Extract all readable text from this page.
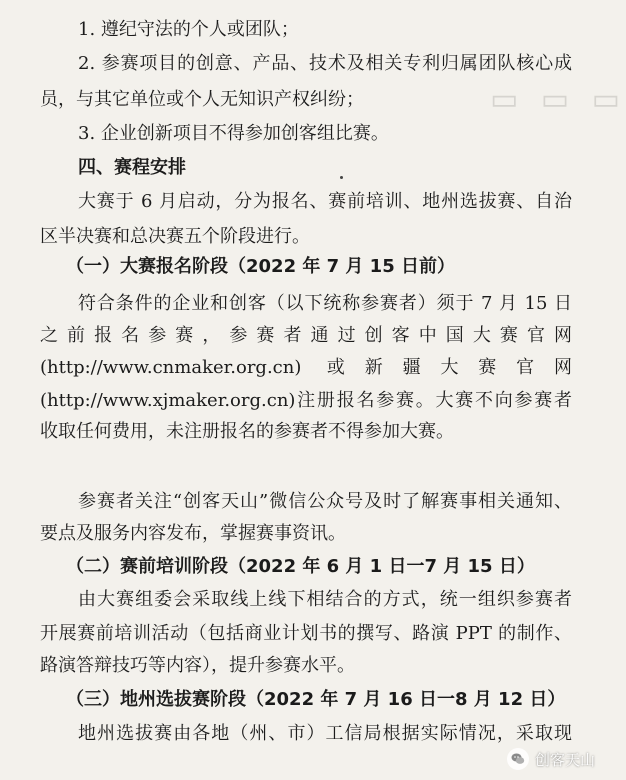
▭ ▭ ▭
1. 遵纪守法的个人或团队；
2. 参赛项目的创意、产品、技术及相关专利归属团队核心成
员，与其它单位或个人无知识产权纠纷；
3. 企业创新项目不得参加创客组比赛。
四、赛程安排
大赛于 6 月启动，分为报名、赛前培训、地州选拔赛、自治
区半决赛和总决赛五个阶段进行。
（一）大赛报名阶段（2022 年 7 月 15 日前）
符合条件的企业和创客（以下统称参赛者）须于 7 月 15 日
之前报名参赛，参赛者通过创客中国大赛官网
(http://www.cnmaker.org.cn) 或新疆大赛官网
(http://www.xjmaker.org.cn)注册报名参赛。大赛不向参赛者
收取任何费用，未注册报名的参赛者不得参加大赛。
参赛者关注“创客天山”微信公众号及时了解赛事相关通知、
要点及服务内容发布，掌握赛事资讯。
（二）赛前培训阶段（2022 年 6 月 1 日一7 月 15 日）
由大赛组委会采取线上线下相结合的方式，统一组织参赛者
开展赛前培训活动（包括商业计划书的撰写、路演 PPT 的制作、
路演答辩技巧等内容），提升参赛水平。
（三）地州选拔赛阶段（2022 年 7 月 16 日一8 月 12 日）
地州选拔赛由各地（州、市）工信局根据实际情况，采取现
创客天山
